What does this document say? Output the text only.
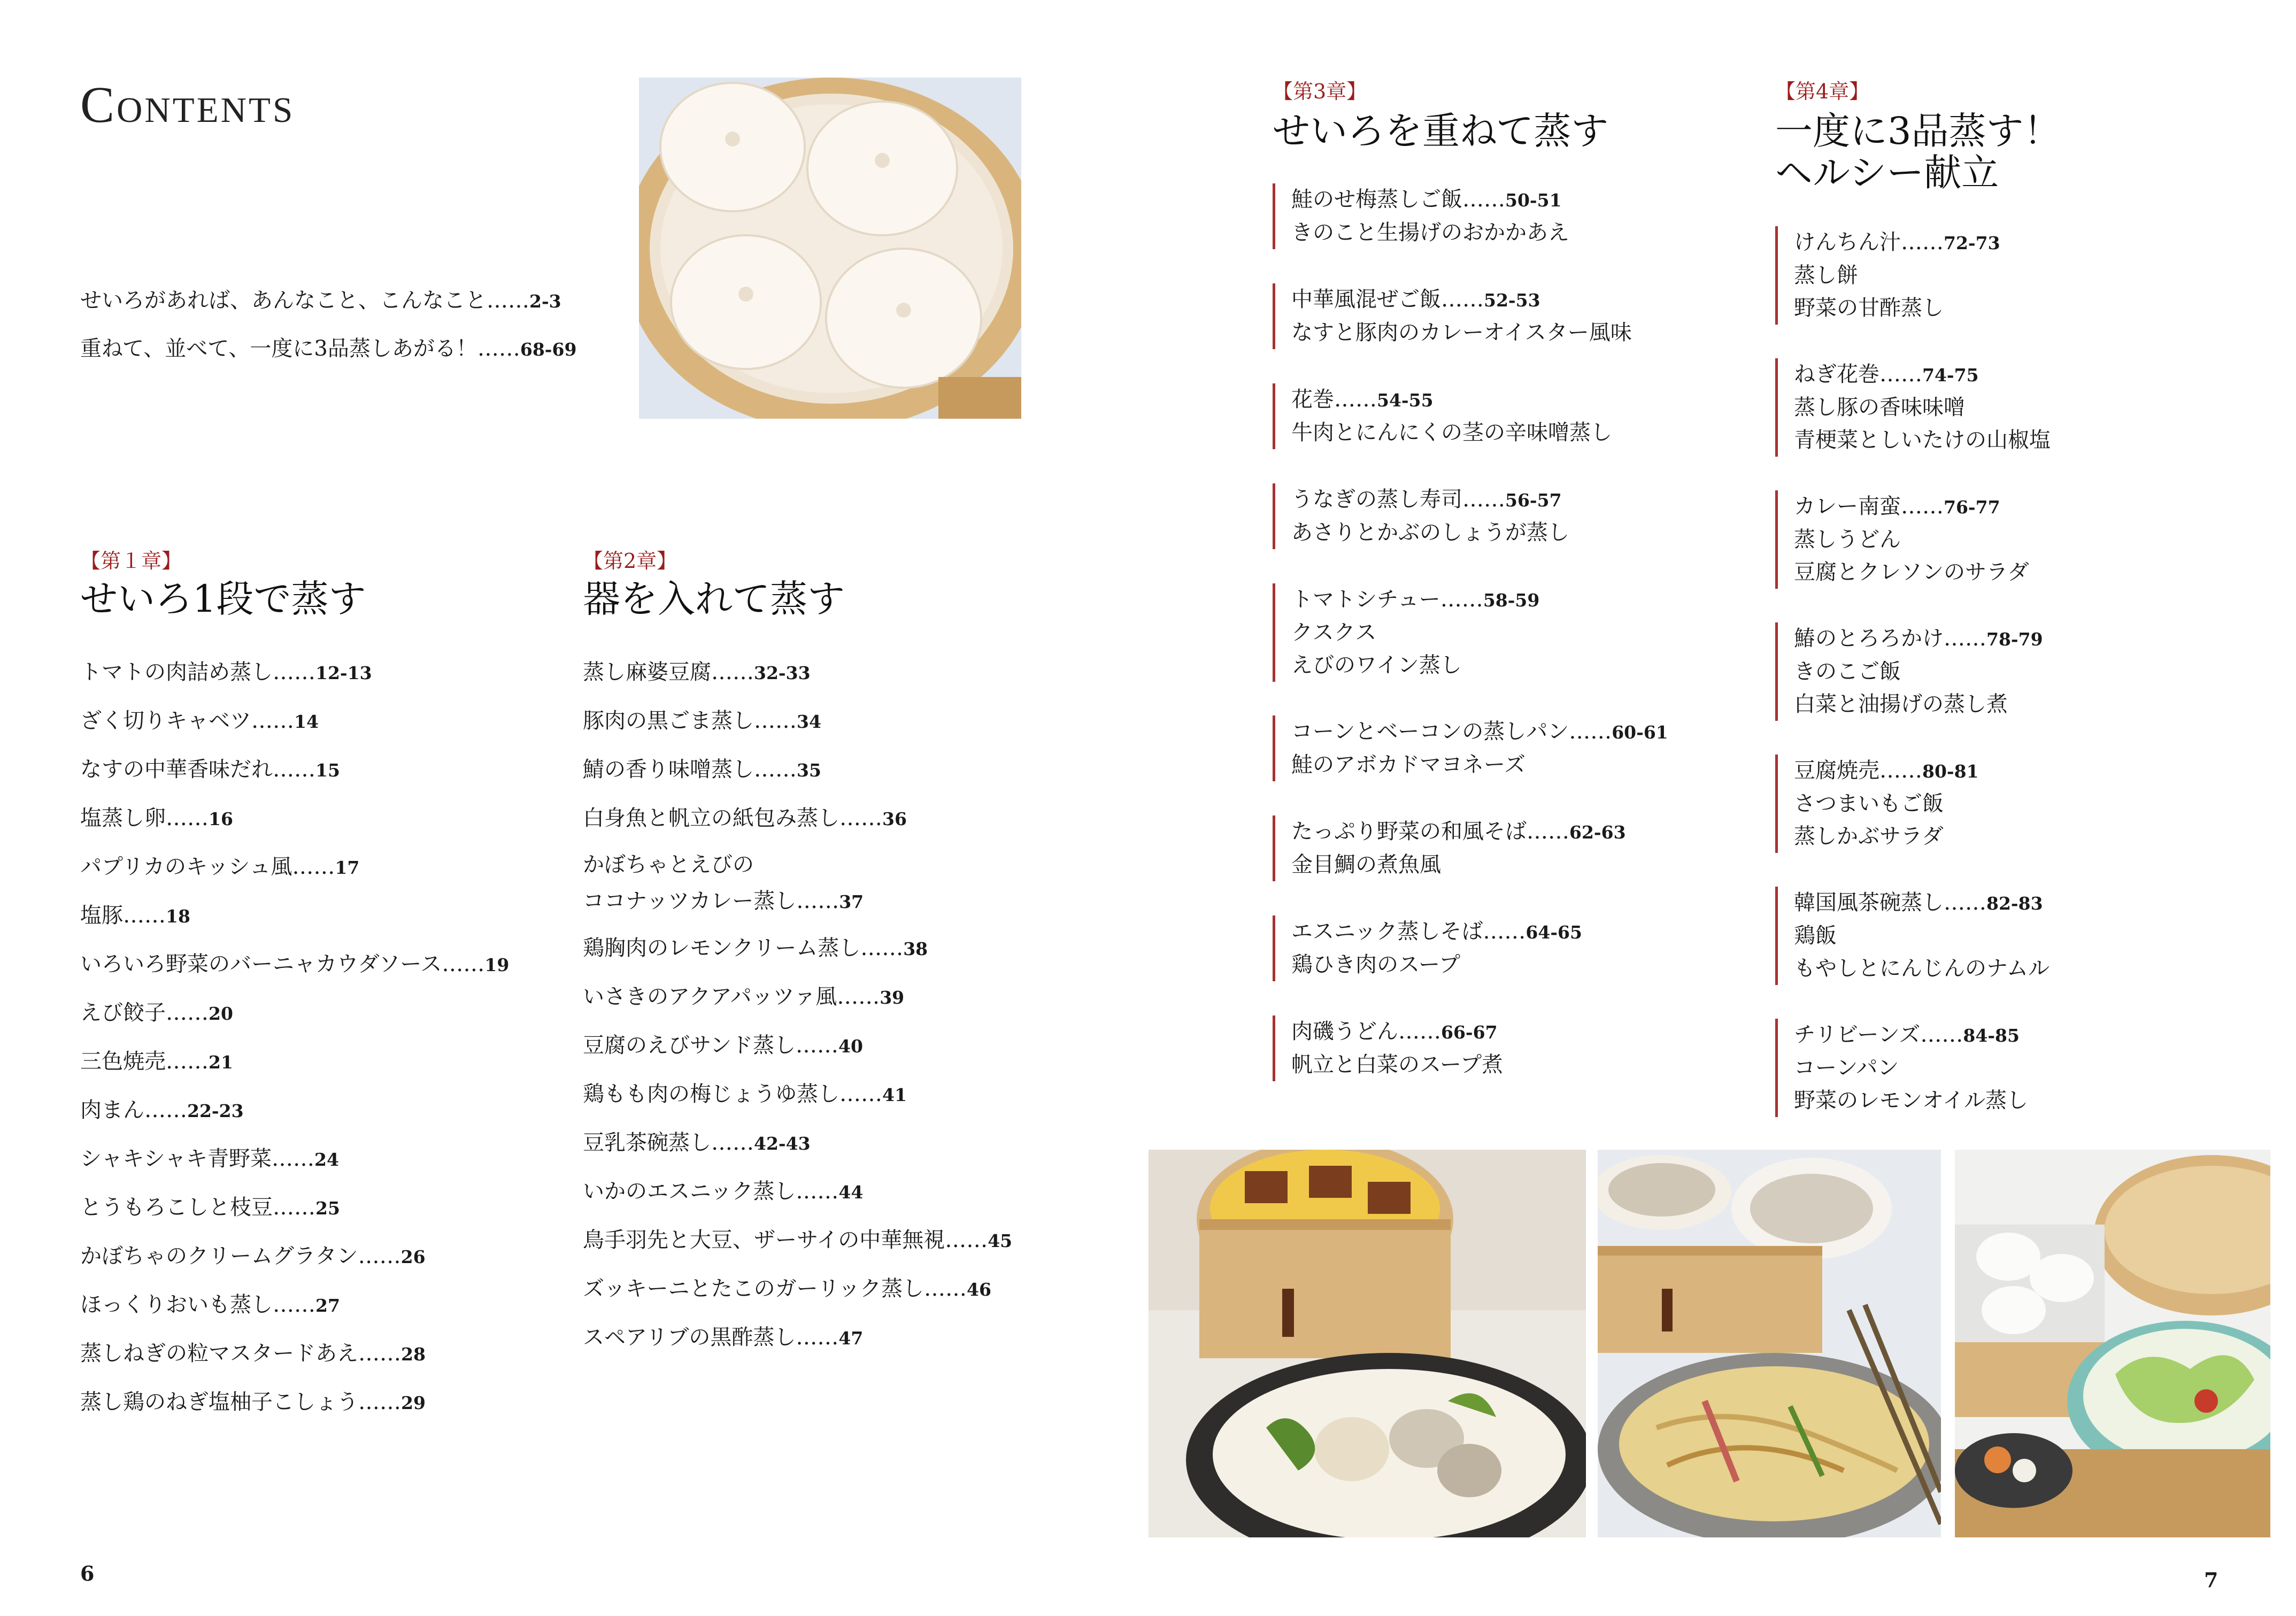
Contents
せいろがあれば、あんなこと、こんなこと……2-3
重ねて、並べて、一度に3品蒸しあがる！……68-69
【第１章】
せいろ1段で蒸す
トマトの肉詰め蒸し……12-13
ざく切りキャベツ……14
なすの中華香味だれ……15
塩蒸し卵……16
パプリカのキッシュ風……17
塩豚……18
いろいろ野菜のバーニャカウダソース……19
えび餃子……20
三色焼売……21
肉まん……22-23
シャキシャキ青野菜……24
とうもろこしと枝豆……25
かぼちゃのクリームグラタン……26
ほっくりおいも蒸し……27
蒸しねぎの粒マスタードあえ……28
蒸し鶏のねぎ塩柚子こしょう……29
【第2章】
器を入れて蒸す
蒸し麻婆豆腐……32-33
豚肉の黒ごま蒸し……34
鯖の香り味噌蒸し……35
白身魚と帆立の紙包み蒸し……36
かぼちゃとえびの
ココナッツカレー蒸し……37
鶏胸肉のレモンクリーム蒸し……38
いさきのアクアパッツァ風……39
豆腐のえびサンド蒸し……40
鶏もも肉の梅じょうゆ蒸し……41
豆乳茶碗蒸し……42-43
いかのエスニック蒸し……44
鳥手羽先と大豆、ザーサイの中華無視……45
ズッキーニとたこのガーリック蒸し……46
スペアリブの黒酢蒸し……47
6
【第3章】
せいろを重ねて蒸す
鮭のせ梅蒸しご飯……50-51
きのこと生揚げのおかかあえ
中華風混ぜご飯……52-53
なすと豚肉のカレーオイスター風味
花巻……54-55
牛肉とにんにくの茎の辛味噌蒸し
うなぎの蒸し寿司……56-57
あさりとかぶのしょうが蒸し
トマトシチュー……58-59
クスクス
えびのワイン蒸し
コーンとベーコンの蒸しパン……60-61
鮭のアボカドマヨネーズ
たっぷり野菜の和風そば……62-63
金目鯛の煮魚風
エスニック蒸しそば……64-65
鶏ひき肉のスープ
肉磯うどん……66-67
帆立と白菜のスープ煮
【第4章】
一度に3品蒸す！
ヘルシー献立
けんちん汁……72-73
蒸し餅
野菜の甘酢蒸し
ねぎ花巻……74-75
蒸し豚の香味味噌
青梗菜としいたけの山椒塩
カレー南蛮……76-77
蒸しうどん
豆腐とクレソンのサラダ
鰆のとろろかけ……78-79
きのこご飯
白菜と油揚げの蒸し煮
豆腐焼売……80-81
さつまいもご飯
蒸しかぶサラダ
韓国風茶碗蒸し……82-83
鶏飯
もやしとにんじんのナムル
チリビーンズ……84-85
コーンパン
野菜のレモンオイル蒸し
7
